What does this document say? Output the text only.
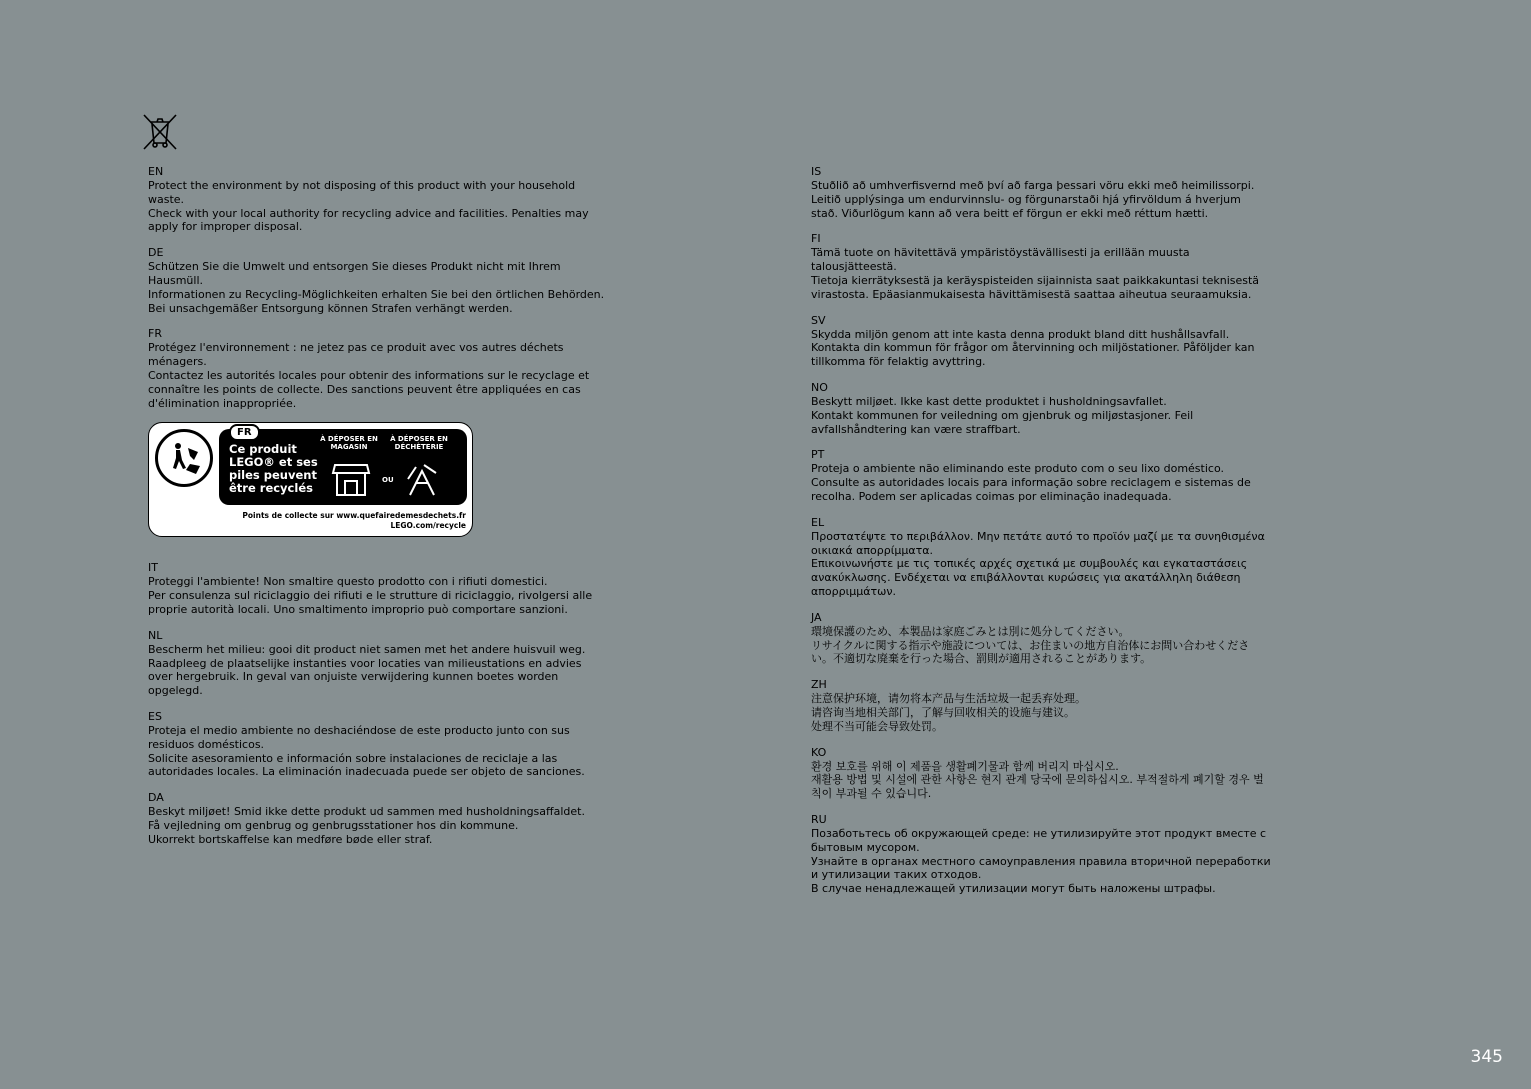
EN
Protect the environment by not disposing of this product with your household waste.
Check with your local authority for recycling advice and facilities. Penalties may apply for improper disposal.
DE
Schützen Sie die Umwelt und entsorgen Sie dieses Produkt nicht mit Ihrem Hausmüll.
Informationen zu Recycling-Möglichkeiten erhalten Sie bei den örtlichen Behörden. Bei unsachgemäßer Entsorgung können Strafen verhängt werden.
FR
Protégez l'environnement : ne jetez pas ce produit avec vos autres déchets ménagers.
Contactez les autorités locales pour obtenir des informations sur le recyclage et connaître les points de collecte. Des sanctions peuvent être appliquées en cas d'élimination inappropriée.
FR
Ce produit LEGO® et ses piles peuvent être recyclés
À DÉPOSER EN MAGASIN
À DÉPOSER EN DÉCHÈTERIE
OU
Points de collecte sur www.quefairedemesdechets.fr
LEGO.com/recycle
IT
Proteggi l'ambiente! Non smaltire questo prodotto con i rifiuti domestici.
Per consulenza sul riciclaggio dei rifiuti e le strutture di riciclaggio, rivolgersi alle proprie autorità locali. Uno smaltimento improprio può comportare sanzioni.
NL
Bescherm het milieu: gooi dit product niet samen met het andere huisvuil weg.
Raadpleeg de plaatselijke instanties voor locaties van milieustations en advies over hergebruik. In geval van onjuiste verwijdering kunnen boetes worden opgelegd.
ES
Proteja el medio ambiente no deshaciéndose de este producto junto con sus residuos domésticos.
Solicite asesoramiento e información sobre instalaciones de reciclaje a las autoridades locales. La eliminación inadecuada puede ser objeto de sanciones.
DA
Beskyt miljøet! Smid ikke dette produkt ud sammen med husholdningsaffaldet.
Få vejledning om genbrug og genbrugsstationer hos din kommune.
Ukorrekt bortskaffelse kan medføre bøde eller straf.
IS
Stuðlið að umhverfisvernd með því að farga þessari vöru ekki með heimilissorpi.
Leitið upplýsinga um endurvinnslu- og förgunarstaði hjá yfirvöldum á hverjum stað. Viðurlögum kann að vera beitt ef förgun er ekki með réttum hætti.
FI
Tämä tuote on hävitettävä ympäristöystävällisesti ja erillään muusta talousjätteestä.
Tietoja kierrätyksestä ja keräyspisteiden sijainnista saat paikkakuntasi teknisestä virastosta. Epäasianmukaisesta hävittämisestä saattaa aiheutua seuraamuksia.
SV
Skydda miljön genom att inte kasta denna produkt bland ditt hushållsavfall.
Kontakta din kommun för frågor om återvinning och miljöstationer. Påföljder kan tillkomma för felaktig avyttring.
NO
Beskytt miljøet. Ikke kast dette produktet i husholdningsavfallet.
Kontakt kommunen for veiledning om gjenbruk og miljøstasjoner. Feil avfallshåndtering kan være straffbart.
PT
Proteja o ambiente não eliminando este produto com o seu lixo doméstico.
Consulte as autoridades locais para informação sobre reciclagem e sistemas de recolha. Podem ser aplicadas coimas por eliminação inadequada.
EL
Προστατέψτε το περιβάλλον. Μην πετάτε αυτό το προϊόν μαζί με τα συνηθισμένα οικιακά απορρίμματα.
Επικοινωνήστε με τις τοπικές αρχές σχετικά με συμβουλές και εγκαταστάσεις ανακύκλωσης. Ενδέχεται να επιβάλλονται κυρώσεις για ακατάλληλη διάθεση απορριμμάτων.
JA
環境保護のため、本製品は家庭ごみとは別に処分してください。
リサイクルに関する指示や施設については、お住まいの地方自治体にお問い合わせください。不適切な廃棄を行った場合、罰則が適用されることがあります。
ZH
注意保护环境，请勿将本产品与生活垃圾一起丢弃处理。
请咨询当地相关部门，了解与回收相关的设施与建议。
处理不当可能会导致处罚。
KO
환경 보호를 위해 이 제품을 생활폐기물과 함께 버리지 마십시오.
재활용 방법 및 시설에 관한 사항은 현지 관계 당국에 문의하십시오. 부적절하게 폐기할 경우 벌칙이 부과될 수 있습니다.
RU
Позаботьтесь об окружающей среде: не утилизируйте этот продукт вместе с бытовым мусором.
Узнайте в органах местного самоуправления правила вторичной переработки и утилизации таких отходов.
В случае ненадлежащей утилизации могут быть наложены штрафы.
345
